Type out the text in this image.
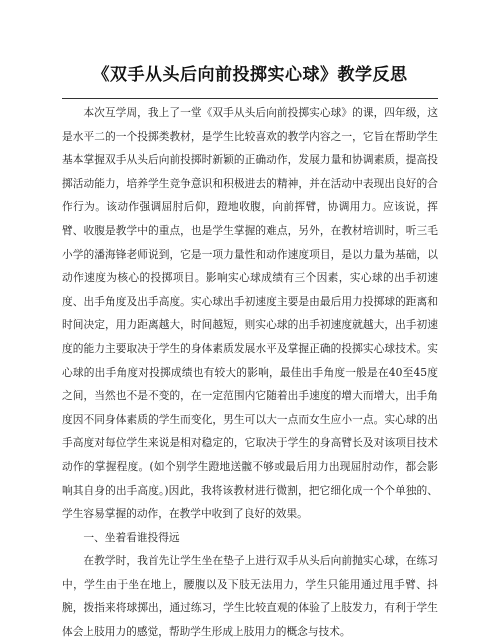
《双手从头后向前投掷实心球》教学反思

本次互学周，我上了一堂《双手从头后向前投掷实心球》的课，四年级，这是水平二的一个投掷类教材，是学生比较喜欢的教学内容之一，它旨在帮助学生基本掌握双手从头后向前投掷时新颖的正确动作，发展力量和协调素质，提高投掷活动能力，培养学生竞争意识和积极进去的精神，并在活动中表现出良好的合作行为。该动作强调屈肘后仰，蹬地收腹，向前挥臂，协调用力。应该说，挥臂、收腹是教学中的重点，也是学生掌握的难点，另外，在教材培训时，听三毛小学的潘海锋老师说到，它是一项力量性和动作速度项目，是以力量为基础，以动作速度为核心的投掷项目。影响实心球成绩有三个因素，实心球的出手初速度、出手角度及出手高度。实心球出手初速度主要是由最后用力投掷球的距离和时间决定，用力距离越大，时间越短，则实心球的出手初速度就越大，出手初速度的能力主要取决于学生的身体素质发展水平及掌握正确的投掷实心球技术。实心球的出手角度对投掷成绩也有较大的影响，最佳出手角度一般是在40至45度之间，当然也不是不变的，在一定范围内它随着出手速度的增大而增大，出手角度因不同身体素质的学生而变化，男生可以大一点而女生应小一点。实心球的出手高度对每位学生来说是相对稳定的，它取决于学生的身高臂长及对该项目技术动作的掌握程度。(如个别学生蹬地送髋不够或最后用力出现屈肘动作，都会影响其自身的出手高度。)因此，我将该教材进行微割，把它细化成一个个单独的、学生容易掌握的动作，在教学中收到了良好的效果。

一、坐着看谁投得远

在教学时，我首先让学生坐在垫子上进行双手从头后向前抛实心球，在练习中，学生由于坐在地上，腰腹以及下肢无法用力，学生只能用通过甩手臂、抖腕，拨指来将球掷出，通过练习，学生比较直观的体验了上肢发力，有利于学生体会上肢用力的感觉，帮助学生形成上肢用力的概念与技术。
